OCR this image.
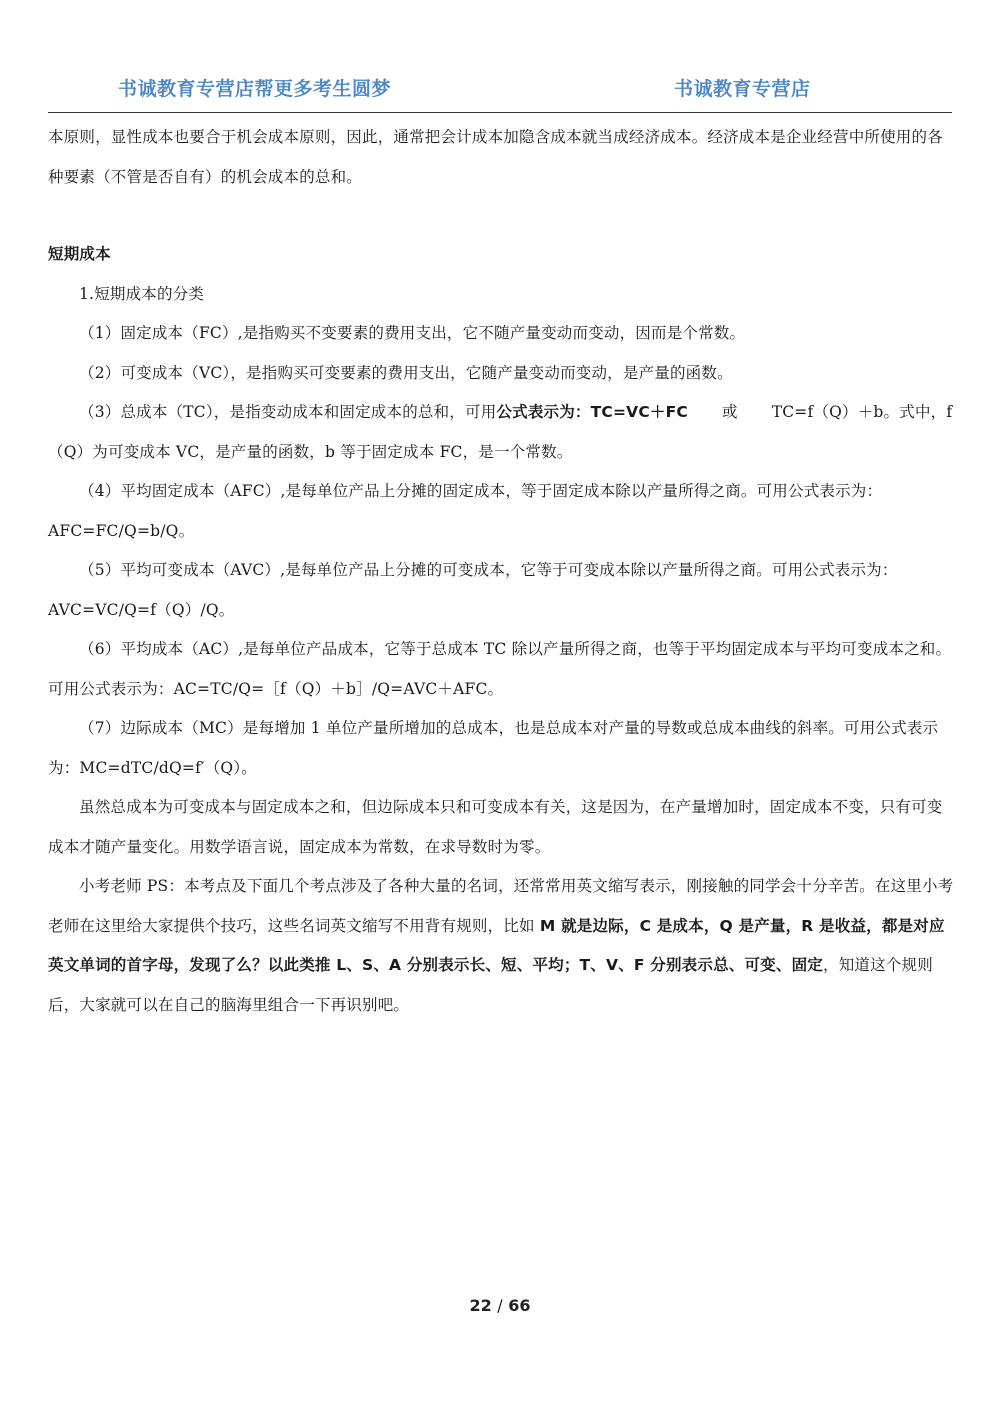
书诚教育专营店帮更多考生圆梦	书诚教育专营店

本原则，显性成本也要合于机会成本原则，因此，通常把会计成本加隐含成本就当成经济成本。经济成本是企业经营中所使用的各种要素（不管是否自有）的机会成本的总和。

短期成本

1.短期成本的分类

（1）固定成本（FC）,是指购买不变要素的费用支出，它不随产量变动而变动，因而是个常数。

（2）可变成本（VC），是指购买可变要素的费用支出，它随产量变动而变动，是产量的函数。

（3）总成本（TC），是指变动成本和固定成本的总和，可用公式表示为：TC=VC＋FC 或 TC=f（Q）＋b。式中，f（Q）为可变成本 VC，是产量的函数，b 等于固定成本 FC，是一个常数。

（4）平均固定成本（AFC）,是每单位产品上分摊的固定成本，等于固定成本除以产量所得之商。可用公式表示为：AFC=FC/Q=b/Q。

（5）平均可变成本（AVC）,是每单位产品上分摊的可变成本，它等于可变成本除以产量所得之商。可用公式表示为：AVC=VC/Q=f（Q）/Q。

（6）平均成本（AC）,是每单位产品成本，它等于总成本 TC 除以产量所得之商，也等于平均固定成本与平均可变成本之和。可用公式表示为：AC=TC/Q=［f（Q）＋b］/Q=AVC＋AFC。

（7）边际成本（MC）是每增加 1 单位产量所增加的总成本，也是总成本对产量的导数或总成本曲线的斜率。可用公式表示为：MC=dTC/dQ=f′（Q）。

虽然总成本为可变成本与固定成本之和，但边际成本只和可变成本有关，这是因为，在产量增加时，固定成本不变，只有可变成本才随产量变化。用数学语言说，固定成本为常数，在求导数时为零。

小考老师 PS：本考点及下面几个考点涉及了各种大量的名词，还常常用英文缩写表示，刚接触的同学会十分辛苦。在这里小考老师在这里给大家提供个技巧，这些名词英文缩写不用背有规则，比如 M 就是边际，C 是成本，Q 是产量，R 是收益，都是对应英文单词的首字母，发现了么？以此类推 L、S、A 分别表示长、短、平均；T、V、F 分别表示总、可变、固定，知道这个规则后，大家就可以在自己的脑海里组合一下再识别吧。

22 / 66
